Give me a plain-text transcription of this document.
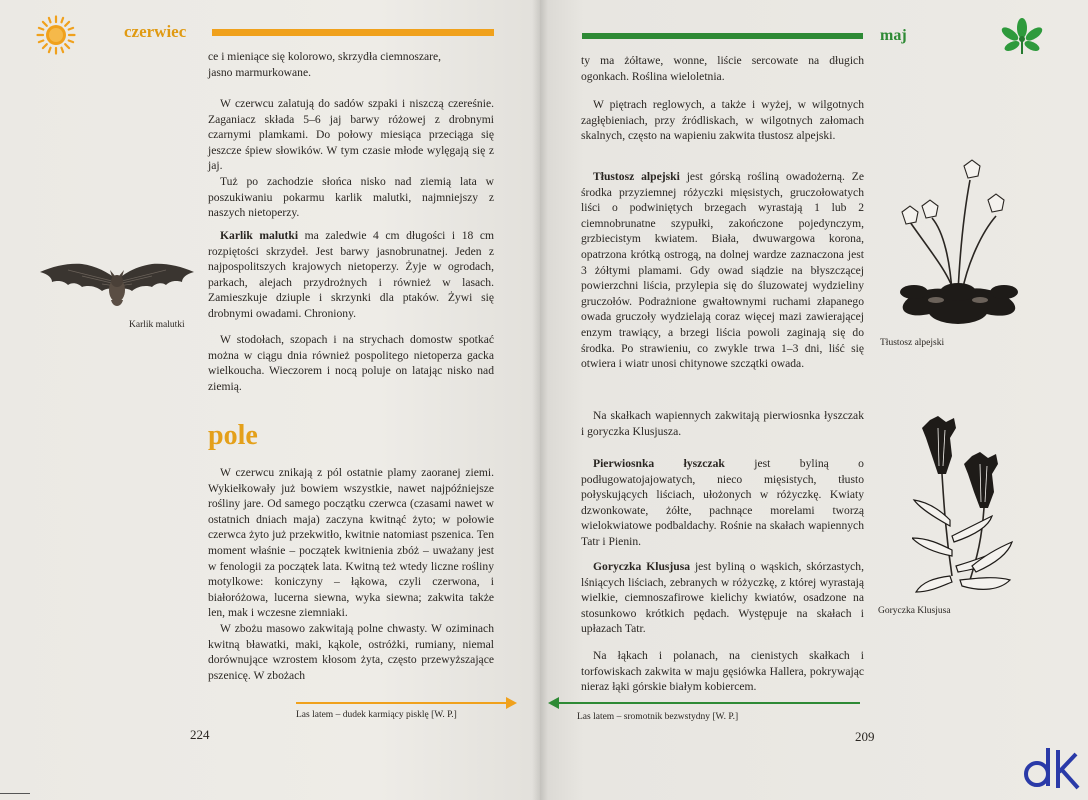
czerwiec	maj

ce i mieniące się kolorowo, skrzydła ciemnoszare,

jasno marmurkowane.

W czerwcu zalatują do sadów szpaki i niszczą czereśnie. Zaganiacz składa 5–6 jaj barwy różowej z drobnymi czarnymi plamkami. Do połowy miesiąca przeciąga się jeszcze śpiew słowików. W tym czasie młode wylęgają się z jaj.

Tuż po zachodzie słońca nisko nad ziemią lata w poszukiwaniu pokarmu karlik malutki, najmniejszy z naszych nietoperzy.

Karlik malutki ma zaledwie 4 cm długości i 18 cm rozpiętości skrzydeł. Jest barwy jasnobrunatnej. Jeden z najpospolitszych krajowych nietoperzy. Żyje w ogrodach, parkach, alejach przydrożnych i również w lasach. Zamieszkuje dziuple i skrzynki dla ptaków. Żywi się drobnymi owadami. Chroniony.

W stodołach, szopach i na strychach domostw spotkać można w ciągu dnia również pospolitego nietoperza gacka wielkoucha. Wieczorem i nocą poluje on latając nisko nad ziemią.

Karlik malutki
pole

W czerwcu znikają z pól ostatnie plamy zaoranej ziemi. Wykiełkowały już bowiem wszystkie, nawet najpóźniejsze rośliny jare. Od samego początku czerwca (czasami nawet w ostatnich dniach maja) zaczyna kwitnąć żyto; w połowie czerwca żyto już przekwitło, kwitnie natomiast pszenica. Ten moment właśnie – początek kwitnienia zbóż – uważany jest w fenologii za początek lata. Kwitną też wtedy liczne rośliny motylkowe: koniczyny – łąkowa, czyli czerwona, i białoróżowa, lucerna siewna, wyka siewna; zakwita także len, mak i wczesne ziemniaki.

W zbożu masowo zakwitają polne chwasty. W oziminach kwitną bławatki, maki, kąkole, ostróżki, rumiany, niemal dorównujące wzrostem kłosom żyta, często przewyższające pszenicę. W zbożach

Las latem – dudek karmiący pisklę [W. P.]
224

ty ma żółtawe, wonne, liście sercowate na długich ogonkach. Roślina wieloletnia.

W piętrach reglowych, a także i wyżej, w wilgotnych zagłębieniach, przy źródliskach, w wilgotnych załomach skalnych, często na wapieniu zakwita tłustosz alpejski.

Tłustosz alpejski jest górską rośliną owadożerną. Ze środka przyziemnej różyczki mięsistych, gruczołowatych liści o podwiniętych brzegach wyrastają 1 lub 2 ciemnobrunatne szypułki, zakończone pojedynczym, grzbiecistym kwiatem. Biała, dwuwargowa korona, opatrzona krótką ostrogą, na dolnej wardze zaznaczona jest 3 żółtymi plamami. Gdy owad siądzie na błyszczącej powierzchni liścia, przylepia się do śluzowatej wydzieliny gruczołów. Podrażnione gwałtownymi ruchami złapanego owada gruczoły wydzielają coraz więcej mazi zawierającej enzym trawiący, a brzegi liścia powoli zaginają się do środka. Po strawieniu, co zwykle trwa 1–3 dni, liść się otwiera i wiatr unosi chitynowe szczątki owada.

Na skałkach wapiennych zakwitają pierwiosnka łyszczak i goryczka Klusjusza.

Pierwiosnka łyszczak jest byliną o podługowatojajowatych, nieco mięsistych, tłusto połyskujących liściach, ułożonych w różyczkę. Kwiaty dzwonkowate, żółte, pachnące morelami tworzą wielokwiatowe podbaldachy. Rośnie na skałach wapiennych Tatr i Pienin.

Goryczka Klusjusa jest byliną o wąskich, skórzastych, lśniących liściach, zebranych w różyczkę, z której wyrastają wielkie, ciemnoszafirowe kielichy kwiatów, osadzone na stosunkowo krótkich pędach. Występuje na skałach i upłazach Tatr.

Na łąkach i polanach, na cienistych skałkach i torfowiskach zakwita w maju gęsiówka Hallera, pokrywając nieraz łąki górskie białym kobiercem.

Tłustosz alpejski
Goryczka Klusjusa
Las latem – sromotnik bezwstydny [W. P.]
209
